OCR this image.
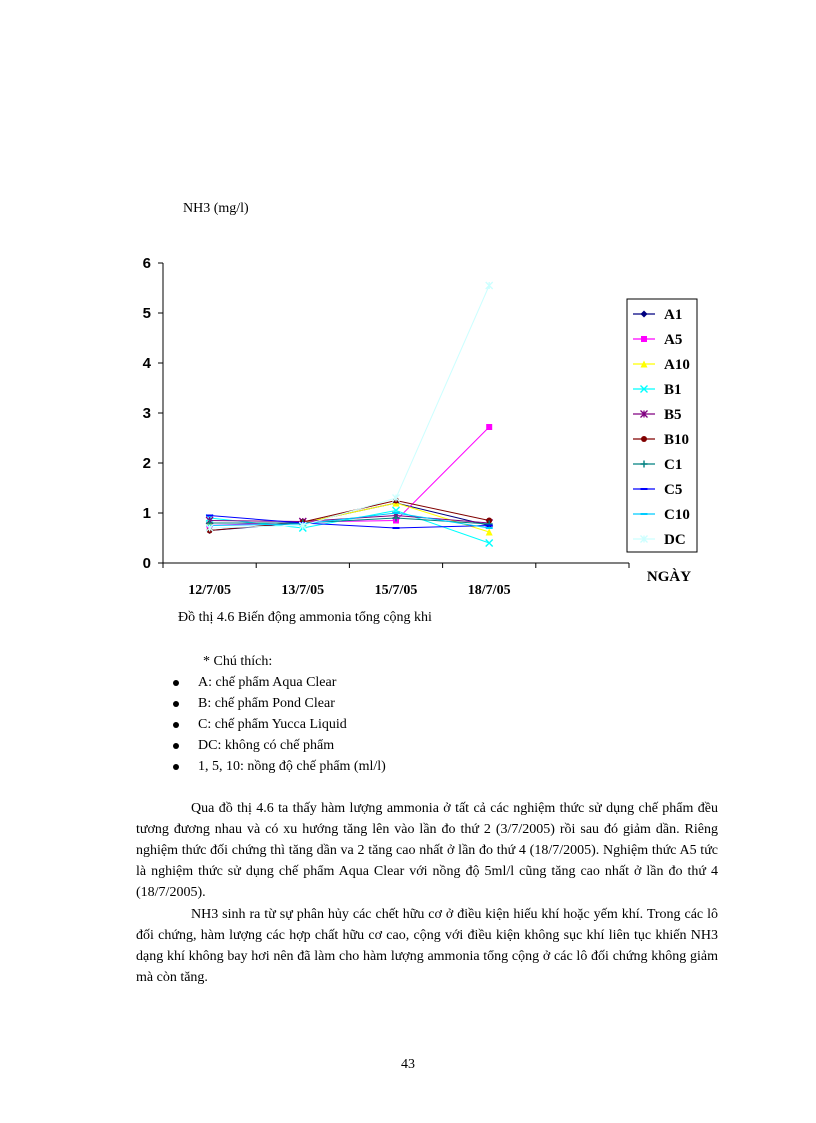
NH3 (mg/l)
0
1
2
3
4
5
6
12/7/05	13/7/05	15/7/05	18/7/05
NGÀY
A1
A5
A10
B1
B5
B10
C1
C5
C10
DC
Đồ thị 4.6 Biến động ammonia tổng cộng khi
* Chú thích:
A: chế phẩm Aqua Clear
B: chế phẩm Pond Clear
C: chế phẩm Yucca Liquid
DC: không có chế phẩm
1, 5, 10: nồng độ chế phẩm (ml/l)

Qua đồ thị 4.6 ta thấy hàm lượng ammonia ở tất cả các nghiệm thức sử dụng chế phẩm đều tương đương nhau và có xu hướng tăng lên vào lần đo thứ 2 (3/7/2005) rồi sau đó giảm dần. Riêng nghiệm thức đối chứng thì tăng dần va 2 tăng cao nhất ở lần đo thứ 4 (18/7/2005). Nghiệm thức A5 tức là nghiệm thức sử dụng chế phẩm Aqua Clear với nồng độ 5ml/l cũng tăng cao nhất ở lần đo thứ 4 (18/7/2005).

NH3 sinh ra từ sự phân hủy các chết hữu cơ ở điều kiện hiếu khí hoặc yếm khí. Trong các lô đối chứng, hàm lượng các hợp chất hữu cơ cao, cộng với điều kiện không sục khí liên tục khiến NH3 dạng khí không bay hơi nên đã làm cho hàm lượng ammonia tổng cộng ở các lô đối chứng không giảm mà còn tăng.

43
